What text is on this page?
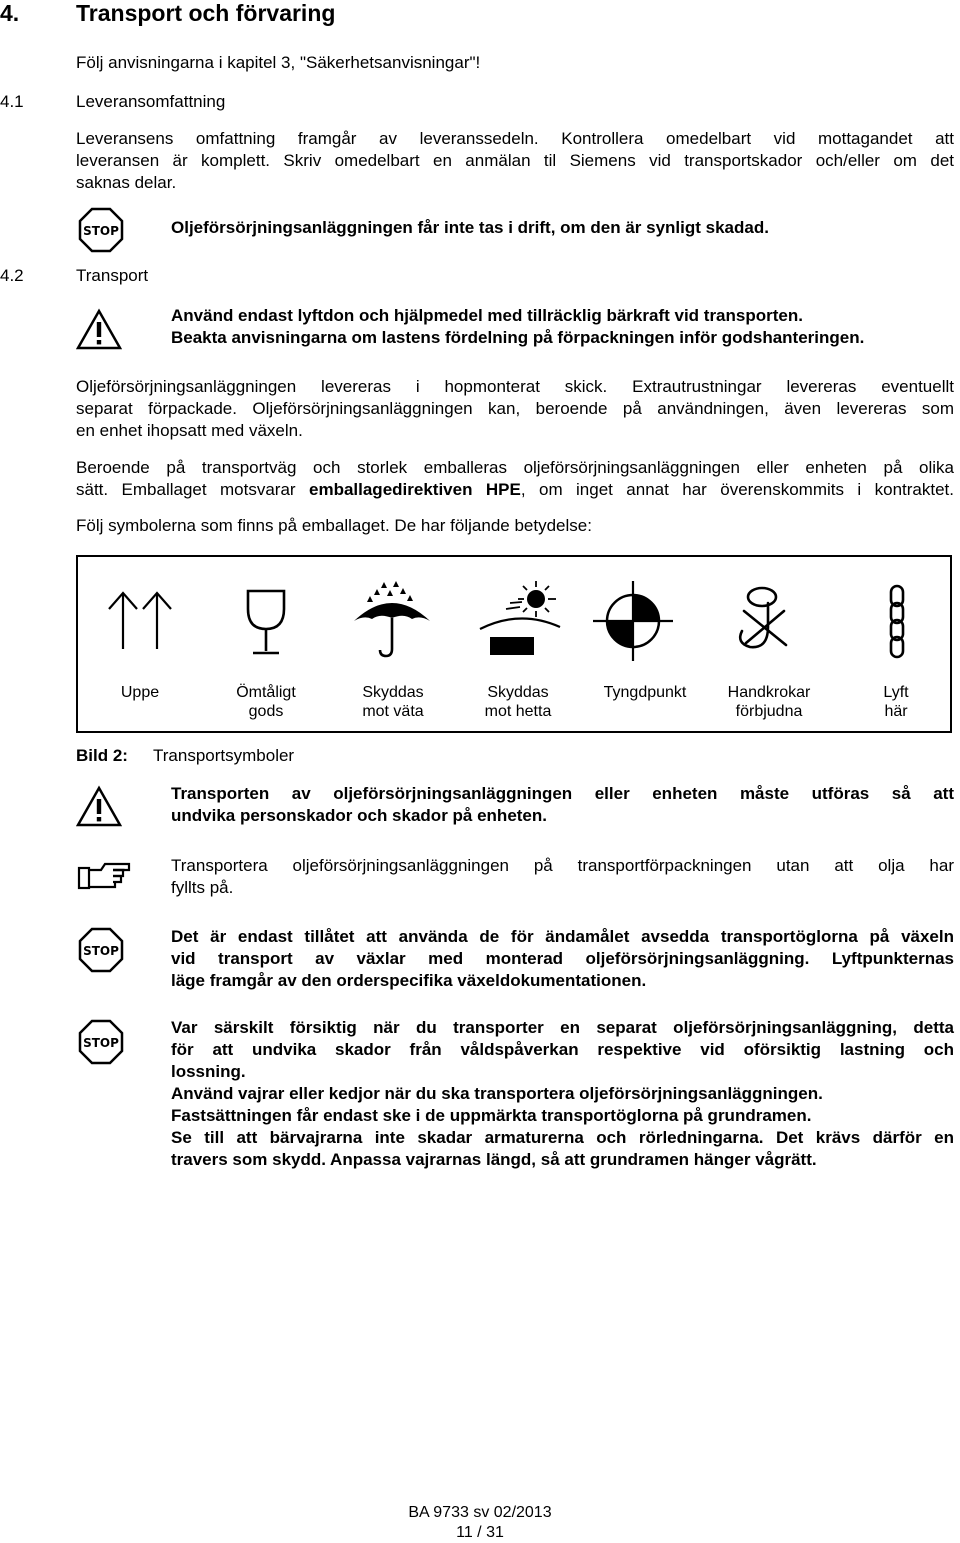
4. Transport och förvaring
Följ anvisningarna i kapitel 3, "Säkerhetsanvisningar"!
4.1	Leveransomfattning
Leveransens omfattning framgår av leveranssedeln. Kontrollera omedelbart vid mottagandet att
leveransen är komplett. Skriv omedelbart en anmälan til Siemens vid transportskador och/eller om det
saknas delar.
STOP	Oljeförsörjningsanläggningen får inte tas i drift, om den är synligt skadad.
4.2	Transport
Använd endast lyftdon och hjälpmedel med tillräcklig bärkraft vid transporten.
Beakta anvisningarna om lastens fördelning på förpackningen inför godshanteringen.
Oljeförsörjningsanläggningen levereras i hopmonterat skick. Extrautrustningar levereras eventuellt
separat förpackade. Oljeförsörjningsanläggningen kan, beroende på användningen, även levereras som
en enhet ihopsatt med växeln.
Beroende på transportväg och storlek emballeras oljeförsörjningsanläggningen eller enheten på olika
sätt. Emballaget motsvarar emballagedirektiven HPE, om inget annat har överenskommits i kontraktet.
Följ symbolerna som finns på emballaget. De har följande betydelse:
Uppe	Ömtåligt
gods
Skyddas
mot väta
Skyddas
mot hetta
Tyngdpunkt	Handkrokar
förbjudna
Lyft
här
Bild 2: Transportsymboler
Transporten av oljeförsörjningsanläggningen eller enheten måste utföras så att
undvika personskador och skador på enheten.
Transportera oljeförsörjningsanläggningen på transportförpackningen utan att olja har
fyllts på.
STOP
Det är endast tillåtet att använda de för ändamålet avsedda transportöglorna på växeln
vid transport av växlar med monterad oljeförsörjningsanläggning. Lyftpunkternas
läge framgår av den orderspecifika växeldokumentationen.
STOP
Var särskilt försiktig när du transporter en separat oljeförsörjningsanläggning, detta
för att undvika skador från våldspåverkan respektive vid oförsiktig lastning och
lossning.
Använd vajrar eller kedjor när du ska transportera oljeförsörjningsanläggningen.
Fastsättningen får endast ske i de uppmärkta transportöglorna på grundramen.
Se till att bärvajrarna inte skadar armaturerna och rörledningarna. Det krävs därför en
travers som skydd. Anpassa vajrarnas längd, så att grundramen hänger vågrätt.
BA 9733 sv 02/2013
11 / 31
